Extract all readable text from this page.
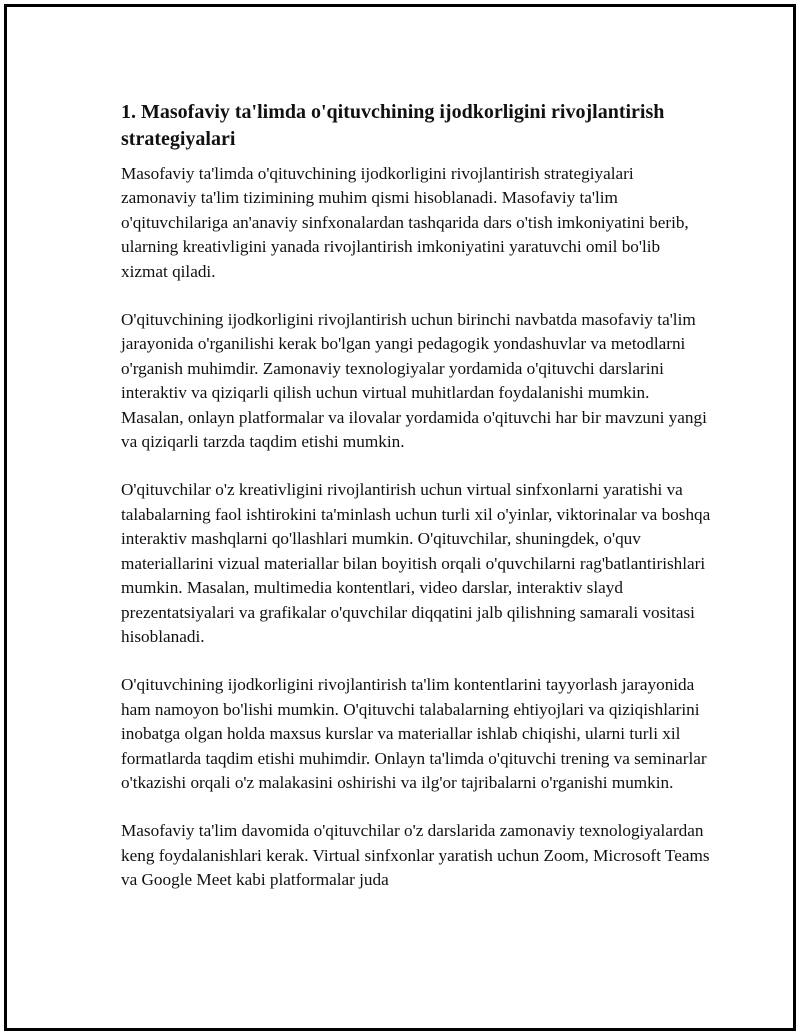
1. Masofaviy ta'limda o'qituvchining ijodkorligini rivojlantirish strategiyalari

Masofaviy ta'limda o'qituvchining ijodkorligini rivojlantirish strategiyalari zamonaviy ta'lim tizimining muhim qismi hisoblanadi. Masofaviy ta'lim o'qituvchilariga an'anaviy sinfxonalardan tashqarida dars o'tish imkoniyatini berib, ularning kreativligini yanada rivojlantirish imkoniyatini yaratuvchi omil bo'lib xizmat qiladi.

O'qituvchining ijodkorligini rivojlantirish uchun birinchi navbatda masofaviy ta'lim jarayonida o'rganilishi kerak bo'lgan yangi pedagogik yondashuvlar va metodlarni o'rganish muhimdir. Zamonaviy texnologiyalar yordamida o'qituvchi darslarini interaktiv va qiziqarli qilish uchun virtual muhitlardan foydalanishi mumkin. Masalan, onlayn platformalar va ilovalar yordamida o'qituvchi har bir mavzuni yangi va qiziqarli tarzda taqdim etishi mumkin.

O'qituvchilar o'z kreativligini rivojlantirish uchun virtual sinfxonlarni yaratishi va talabalarning faol ishtirokini ta'minlash uchun turli xil o'yinlar, viktorinalar va boshqa interaktiv mashqlarni qo'llashlari mumkin. O'qituvchilar, shuningdek, o'quv materiallarini vizual materiallar bilan boyitish orqali o'quvchilarni rag'batlantirishlari mumkin. Masalan, multimedia kontentlari, video darslar, interaktiv slayd prezentatsiyalari va grafikalar o'quvchilar diqqatini jalb qilishning samarali vositasi hisoblanadi.

O'qituvchining ijodkorligini rivojlantirish ta'lim kontentlarini tayyorlash jarayonida ham namoyon bo'lishi mumkin. O'qituvchi talabalarning ehtiyojlari va qiziqishlarini inobatga olgan holda maxsus kurslar va materiallar ishlab chiqishi, ularni turli xil formatlarda taqdim etishi muhimdir. Onlayn ta'limda o'qituvchi trening va seminarlar o'tkazishi orqali o'z malakasini oshirishi va ilg'or tajribalarni o'rganishi mumkin.

Masofaviy ta'lim davomida o'qituvchilar o'z darslarida zamonaviy texnologiyalardan keng foydalanishlari kerak. Virtual sinfxonlar yaratish uchun Zoom, Microsoft Teams va Google Meet kabi platformalar juda
